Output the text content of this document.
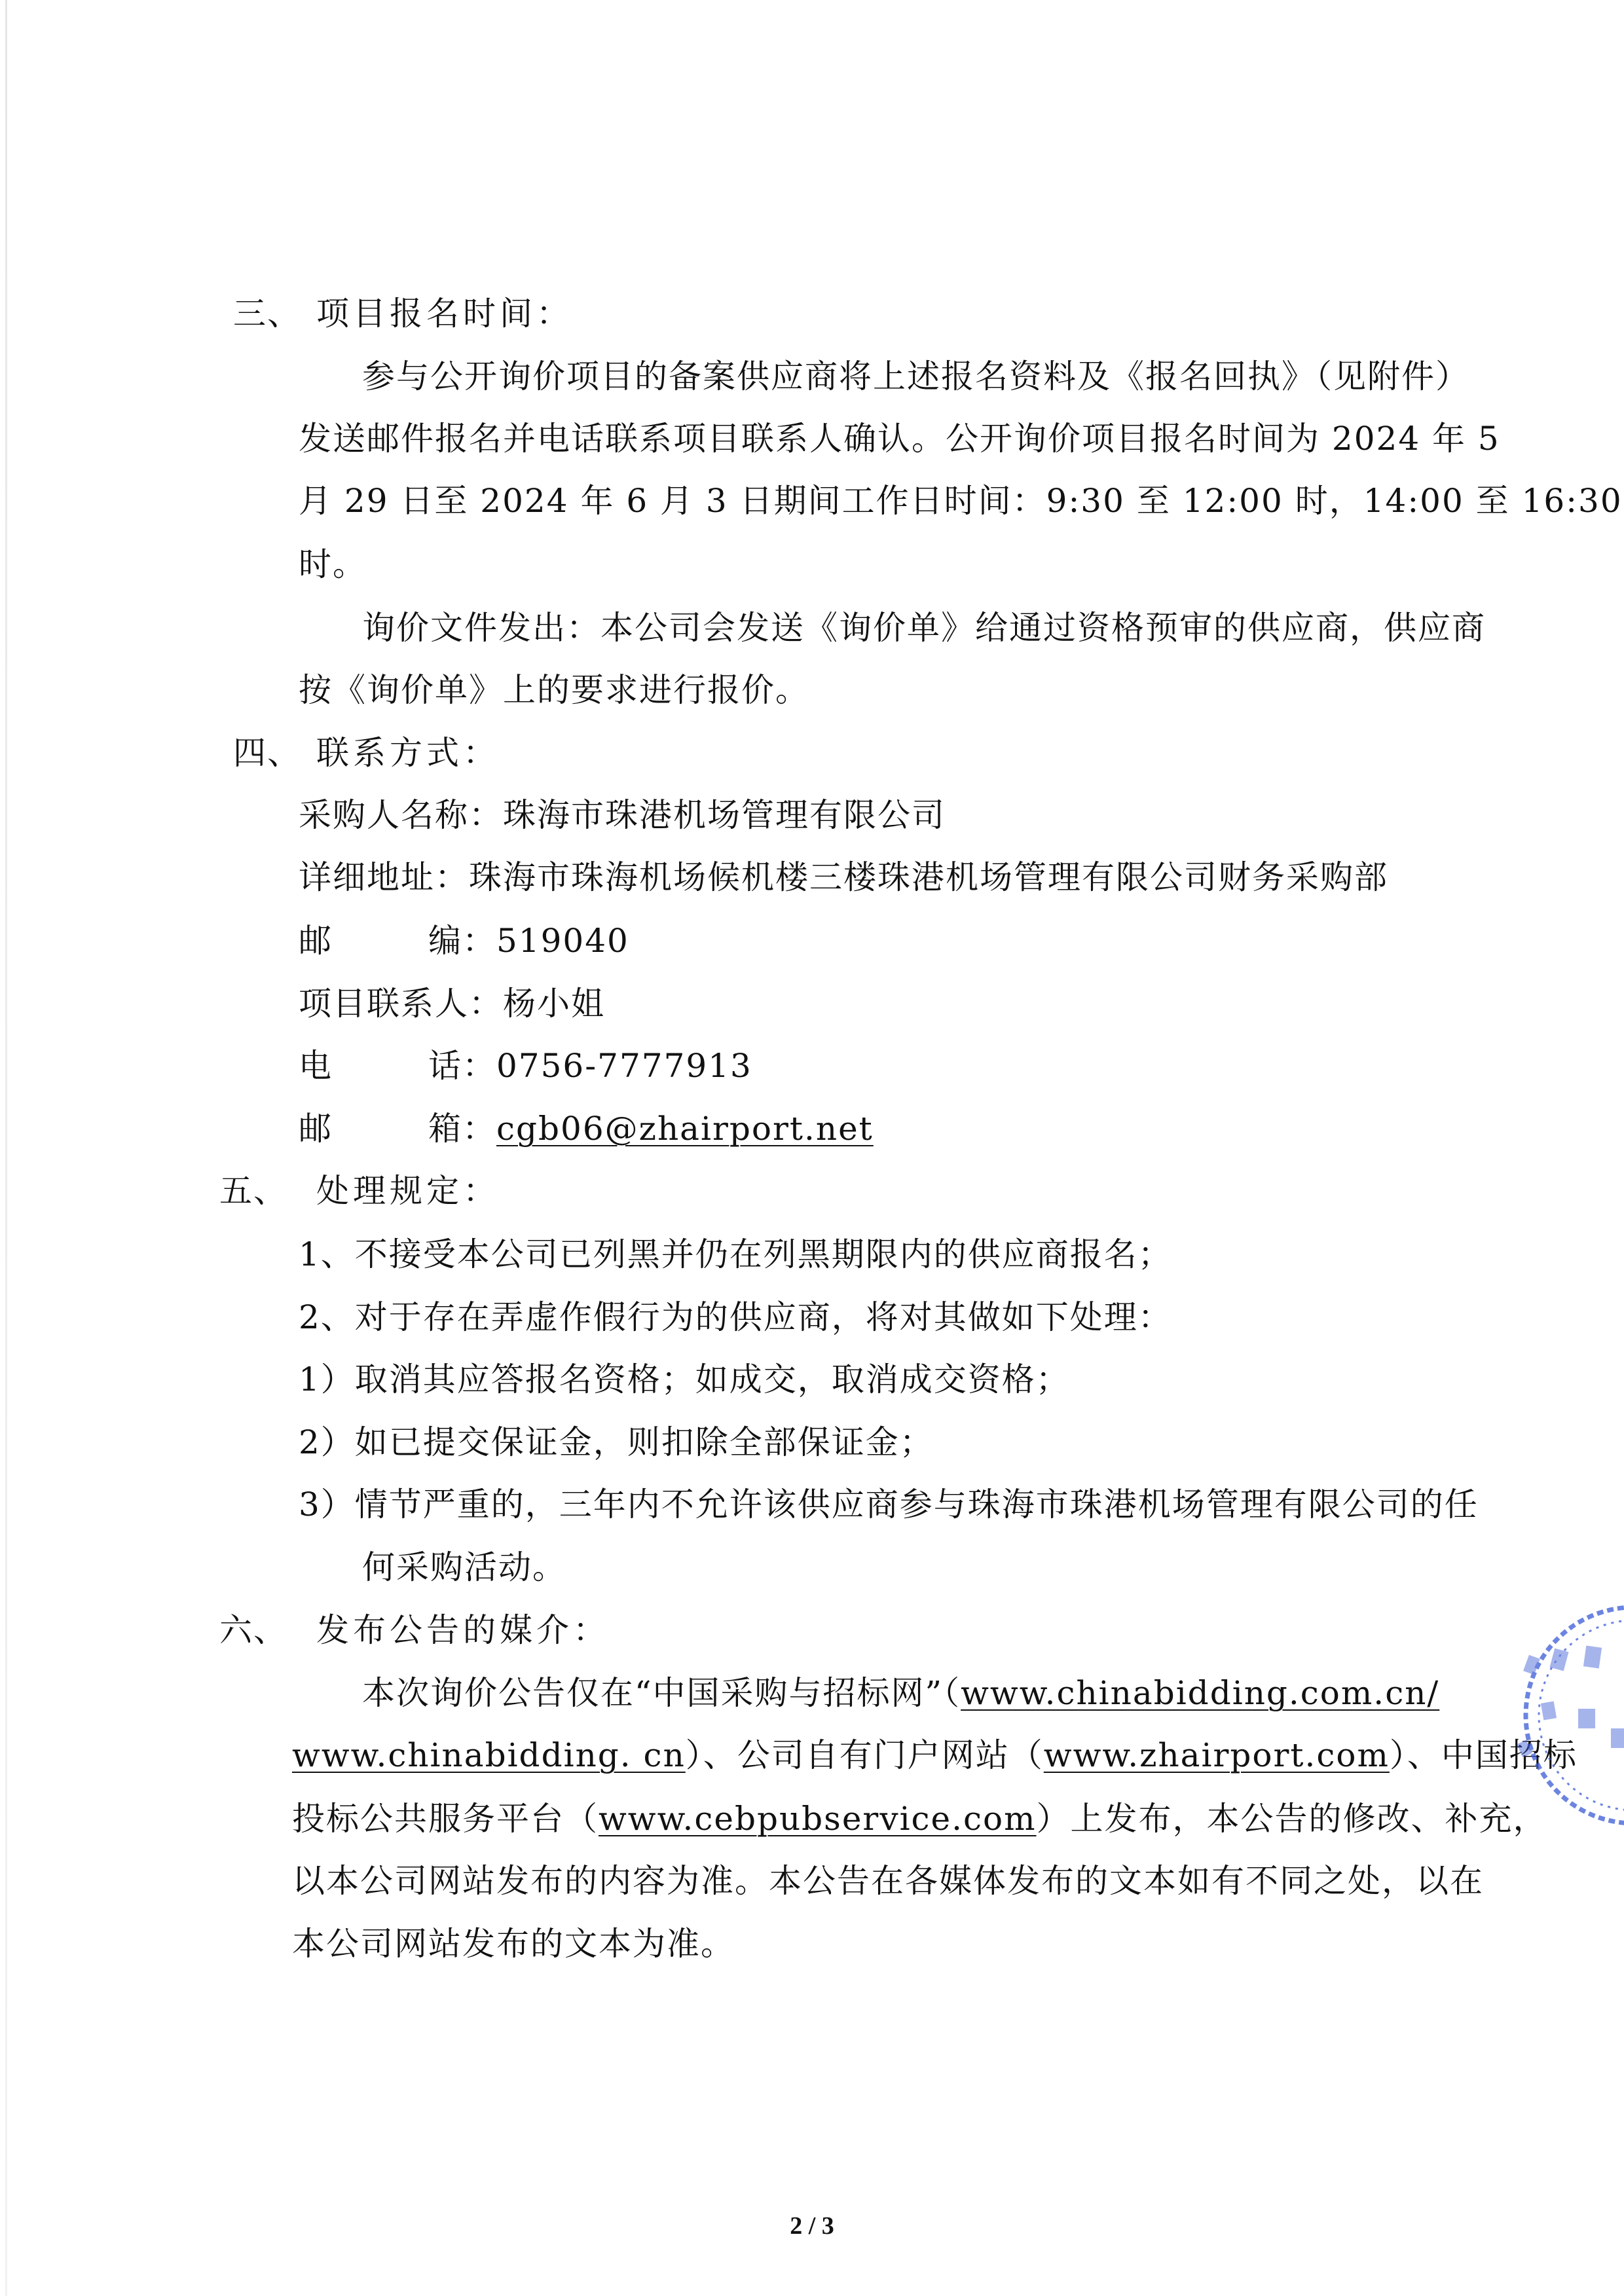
三、 项目报名时间：
参与公开询价项目的备案供应商将上述报名资料及《报名回执》（见附件）
发送邮件报名并电话联系项目联系人确认。公开询价项目报名时间为 2024 年 5
月 29 日至 2024 年 6 月 3 日期间工作日时间：9:30 至 12:00 时，14:00 至 16:30
时。
询价文件发出：本公司会发送《询价单》给通过资格预审的供应商，供应商
按《询价单》上的要求进行报价。
四、 联系方式：
采购人名称：珠海市珠港机场管理有限公司
详细地址：珠海市珠海机场候机楼三楼珠港机场管理有限公司财务采购部
邮编：519040
项目联系人：杨小姐
电话：0756-7777913
邮箱：cgb06@zhairport.net
五、 处理规定：
1、不接受本公司已列黑并仍在列黑期限内的供应商报名；
2、对于存在弄虚作假行为的供应商，将对其做如下处理：
1）取消其应答报名资格；如成交，取消成交资格；
2）如已提交保证金，则扣除全部保证金；
3）情节严重的，三年内不允许该供应商参与珠海市珠港机场管理有限公司的任
何采购活动。
六、 发布公告的媒介：
本次询价公告仅在“中国采购与招标网”（www.chinabidding.com.cn/
www.chinabidding. cn）、公司自有门户网站（www.zhairport.com）、中国招标
投标公共服务平台（www.cebpubservice.com）上发布，本公告的修改、补充，
以本公司网站发布的内容为准。本公告在各媒体发布的文本如有不同之处，以在
本公司网站发布的文本为准。
2 / 3
